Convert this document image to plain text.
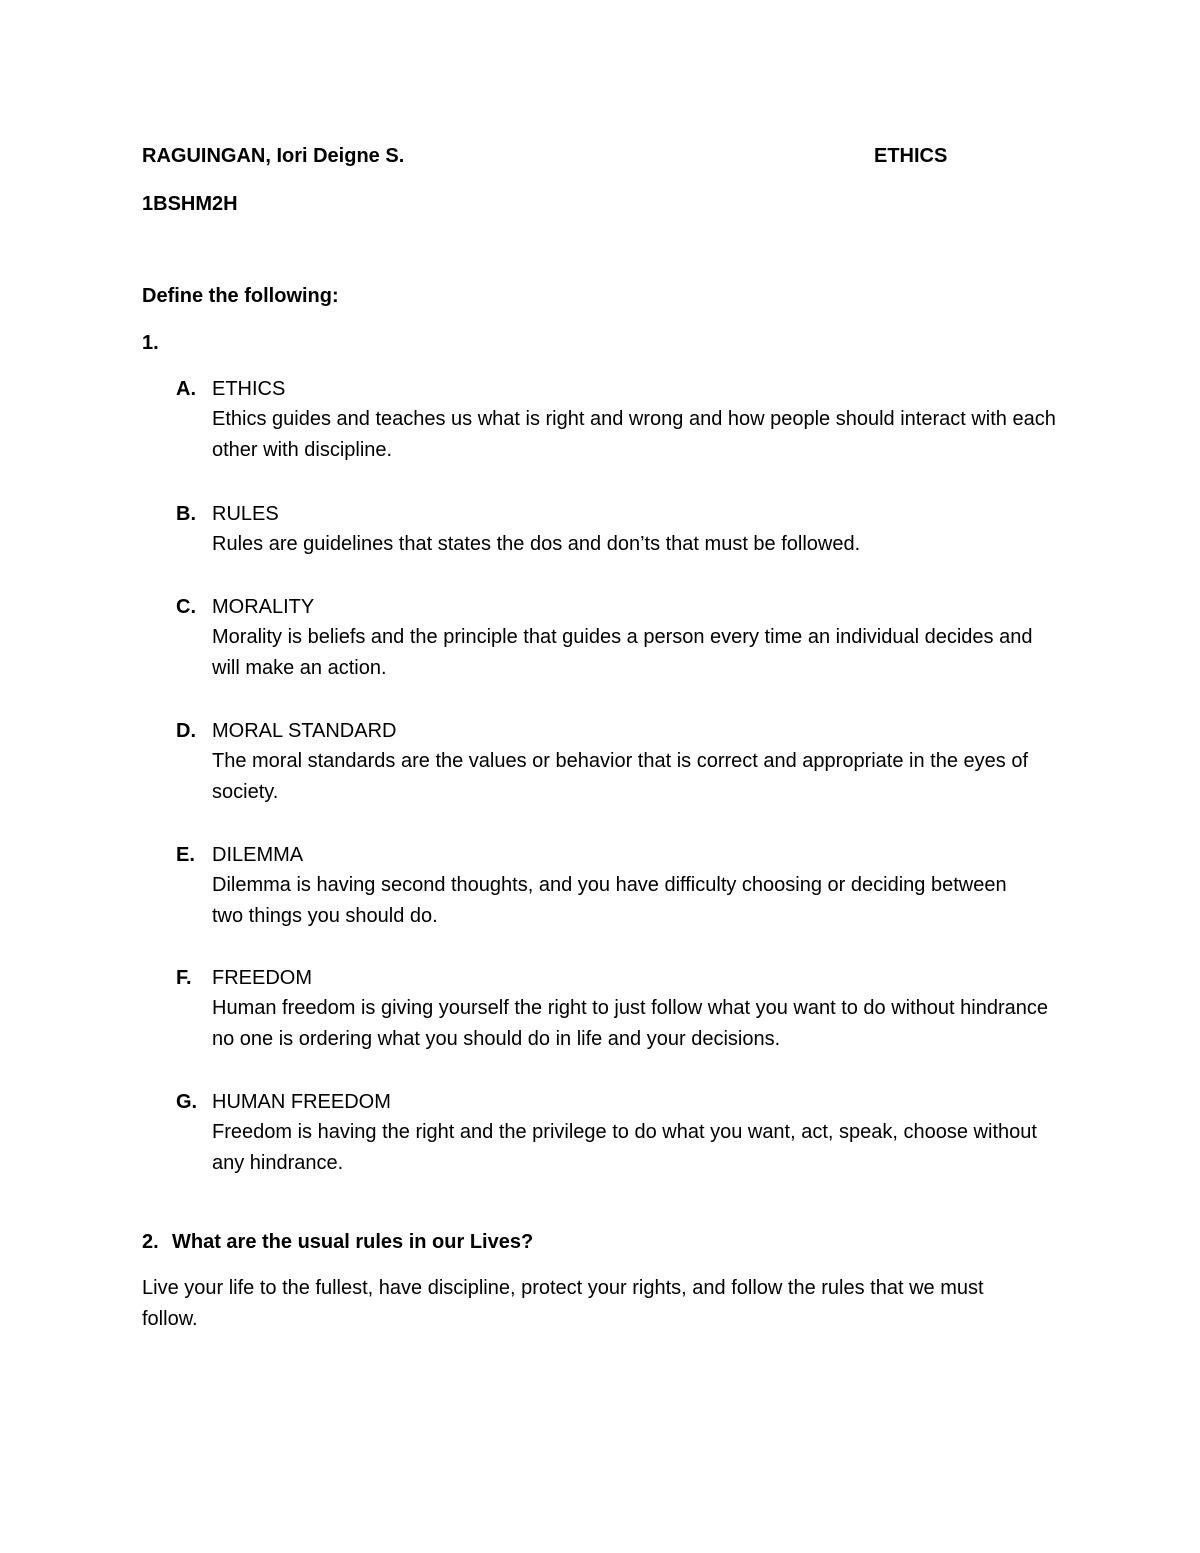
RAGUINGAN, Iori Deigne S.	ETHICS
1BSHM2H
Define the following:
1.
A. ETHICS
Ethics guides and teaches us what is right and wrong and how people should interact with each other with discipline.
B. RULES
Rules are guidelines that states the dos and don’ts that must be followed.
C. MORALITY
Morality is beliefs and the principle that guides a person every time an individual decides and will make an action.
D. MORAL STANDARD
The moral standards are the values or behavior that is correct and appropriate in the eyes of society.
E. DILEMMA
Dilemma is having second thoughts, and you have difficulty choosing or deciding between two things you should do.
F. FREEDOM
Human freedom is giving yourself the right to just follow what you want to do without hindrance no one is ordering what you should do in life and your decisions.
G. HUMAN FREEDOM
Freedom is having the right and the privilege to do what you want, act, speak, choose without any hindrance.
2. What are the usual rules in our Lives?
Live your life to the fullest, have discipline, protect your rights, and follow the rules that we must follow.
